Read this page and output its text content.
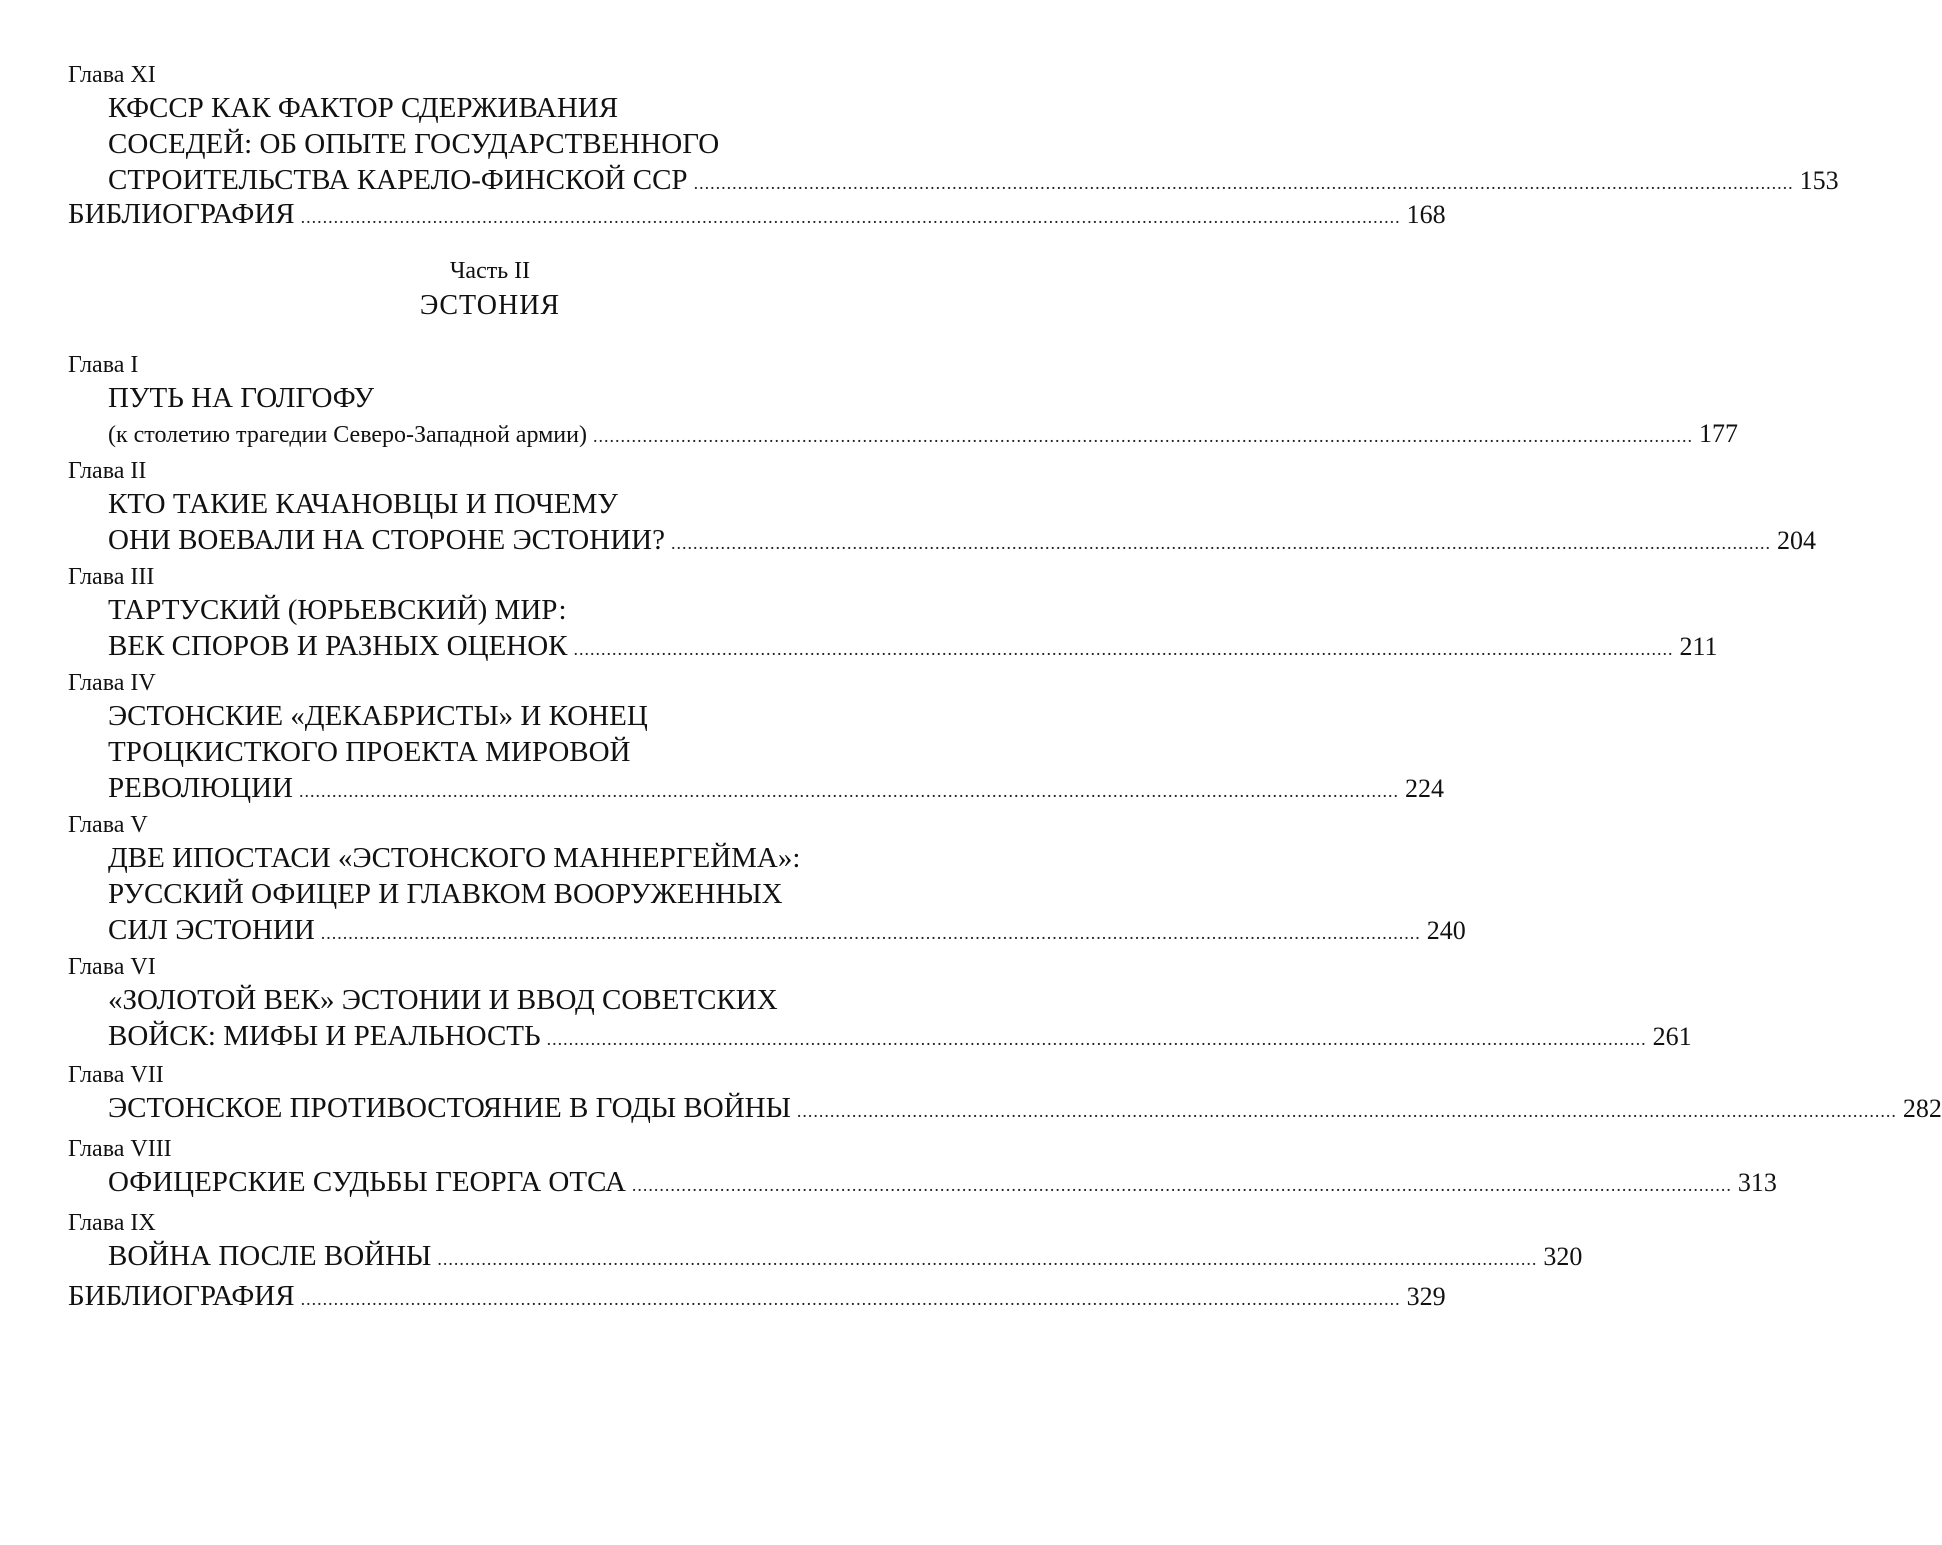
Глава XI
КФССР КАК ФАКТОР СДЕРЖИВАНИЯ
СОСЕДЕЙ: ОБ ОПЫТЕ ГОСУДАРСТВЕННОГО
СТРОИТЕЛЬСТВА КАРЕЛО-ФИНСКОЙ ССР ........................................................................................................................................................................................................ 153
БИБЛИОГРАФИЯ ........................................................................................................................................................................................................ 168
Часть II
ЭСТОНИЯ
Глава I
ПУТЬ НА ГОЛГОФУ
(к столетию трагедии Северо-Западной армии) ........................................................................................................................................................................................................ 177
Глава II
КТО ТАКИЕ КАЧАНОВЦЫ И ПОЧЕМУ
ОНИ ВОЕВАЛИ НА СТОРОНЕ ЭСТОНИИ? ........................................................................................................................................................................................................ 204
Глава III
ТАРТУСКИЙ (ЮРЬЕВСКИЙ) МИР:
ВЕК СПОРОВ И РАЗНЫХ ОЦЕНОК ........................................................................................................................................................................................................ 211
Глава IV
ЭСТОНСКИЕ «ДЕКАБРИСТЫ» И КОНЕЦ
ТРОЦКИСТКОГО ПРОЕКТА МИРОВОЙ
РЕВОЛЮЦИИ ........................................................................................................................................................................................................ 224
Глава V
ДВЕ ИПОСТАСИ «ЭСТОНСКОГО МАННЕРГЕЙМА»:
РУССКИЙ ОФИЦЕР И ГЛАВКОМ ВООРУЖЕННЫХ
СИЛ ЭСТОНИИ ........................................................................................................................................................................................................ 240
Глава VI
«ЗОЛОТОЙ ВЕК» ЭСТОНИИ И ВВОД СОВЕТСКИХ
ВОЙСК: МИФЫ И РЕАЛЬНОСТЬ ........................................................................................................................................................................................................ 261
Глава VII
ЭСТОНСКОЕ ПРОТИВОСТОЯНИЕ В ГОДЫ ВОЙНЫ ........................................................................................................................................................................................................ 282
Глава VIII
ОФИЦЕРСКИЕ СУДЬБЫ ГЕОРГА ОТСА ........................................................................................................................................................................................................ 313
Глава IX
ВОЙНА ПОСЛЕ ВОЙНЫ ........................................................................................................................................................................................................ 320
БИБЛИОГРАФИЯ ........................................................................................................................................................................................................ 329
